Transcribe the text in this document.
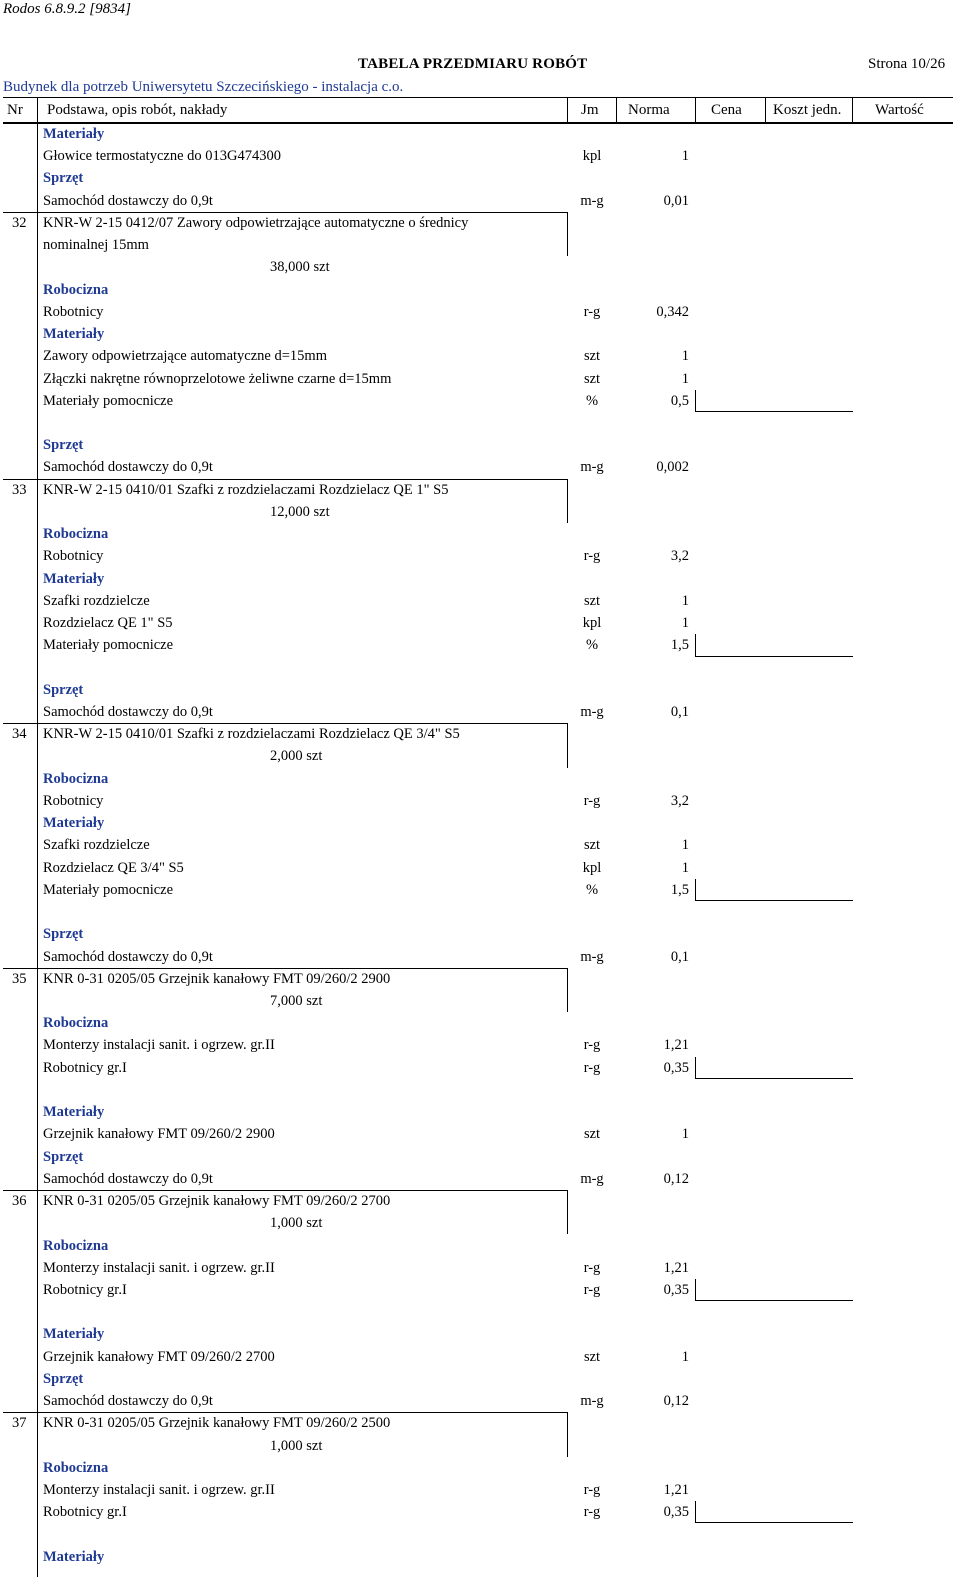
Rodos 6.8.9.2 [9834]
TABELA PRZEDMIARU ROBÓT	Strona 10/26
Budynek dla potrzeb Uniwersytetu Szczecińskiego - instalacja c.o.
Nr Podstawa, opis robót, nakłady	Jm Norma	Cena Koszt jedn. Wartość
Materiały
Głowice termostatyczne do 013G474300	kpl	1
Sprzęt
Samochód dostawczy do 0,9t	m-g	0,01
32 KNR-W 2-15 0412/07 Zawory odpowietrzające automatyczne o średnicy
nominalnej 15mm
38,000 szt
Robocizna
Robotnicy	r-g	0,342
Materiały
Zawory odpowietrzające automatyczne d=15mm	szt	1
Złączki nakrętne równoprzelotowe żeliwne czarne d=15mm	szt	1
Materiały pomocnicze	%	0,5
Sprzęt
Samochód dostawczy do 0,9t	m-g	0,002
33 KNR-W 2-15 0410/01 Szafki z rozdzielaczami Rozdzielacz QE 1" S5
12,000 szt
Robocizna
Robotnicy	r-g	3,2
Materiały
Szafki rozdzielcze	szt	1
Rozdzielacz QE 1" S5	kpl	1
Materiały pomocnicze	%	1,5
Sprzęt
Samochód dostawczy do 0,9t	m-g	0,1
34 KNR-W 2-15 0410/01 Szafki z rozdzielaczami Rozdzielacz QE 3/4" S5
2,000 szt
Robocizna
Robotnicy	r-g	3,2
Materiały
Szafki rozdzielcze	szt	1
Rozdzielacz QE 3/4" S5	kpl	1
Materiały pomocnicze	%	1,5
Sprzęt
Samochód dostawczy do 0,9t	m-g	0,1
35 KNR 0-31 0205/05 Grzejnik kanałowy FMT 09/260/2 2900
7,000 szt
Robocizna
Monterzy instalacji sanit. i ogrzew. gr.II	r-g	1,21
Robotnicy gr.I	r-g	0,35
Materiały
Grzejnik kanałowy FMT 09/260/2 2900	szt	1
Sprzęt
Samochód dostawczy do 0,9t	m-g	0,12
36 KNR 0-31 0205/05 Grzejnik kanałowy FMT 09/260/2 2700
1,000 szt
Robocizna
Monterzy instalacji sanit. i ogrzew. gr.II	r-g	1,21
Robotnicy gr.I	r-g	0,35
Materiały
Grzejnik kanałowy FMT 09/260/2 2700	szt	1
Sprzęt
Samochód dostawczy do 0,9t	m-g	0,12
37 KNR 0-31 0205/05 Grzejnik kanałowy FMT 09/260/2 2500
1,000 szt
Robocizna
Monterzy instalacji sanit. i ogrzew. gr.II	r-g	1,21
Robotnicy gr.I	r-g	0,35
Materiały
